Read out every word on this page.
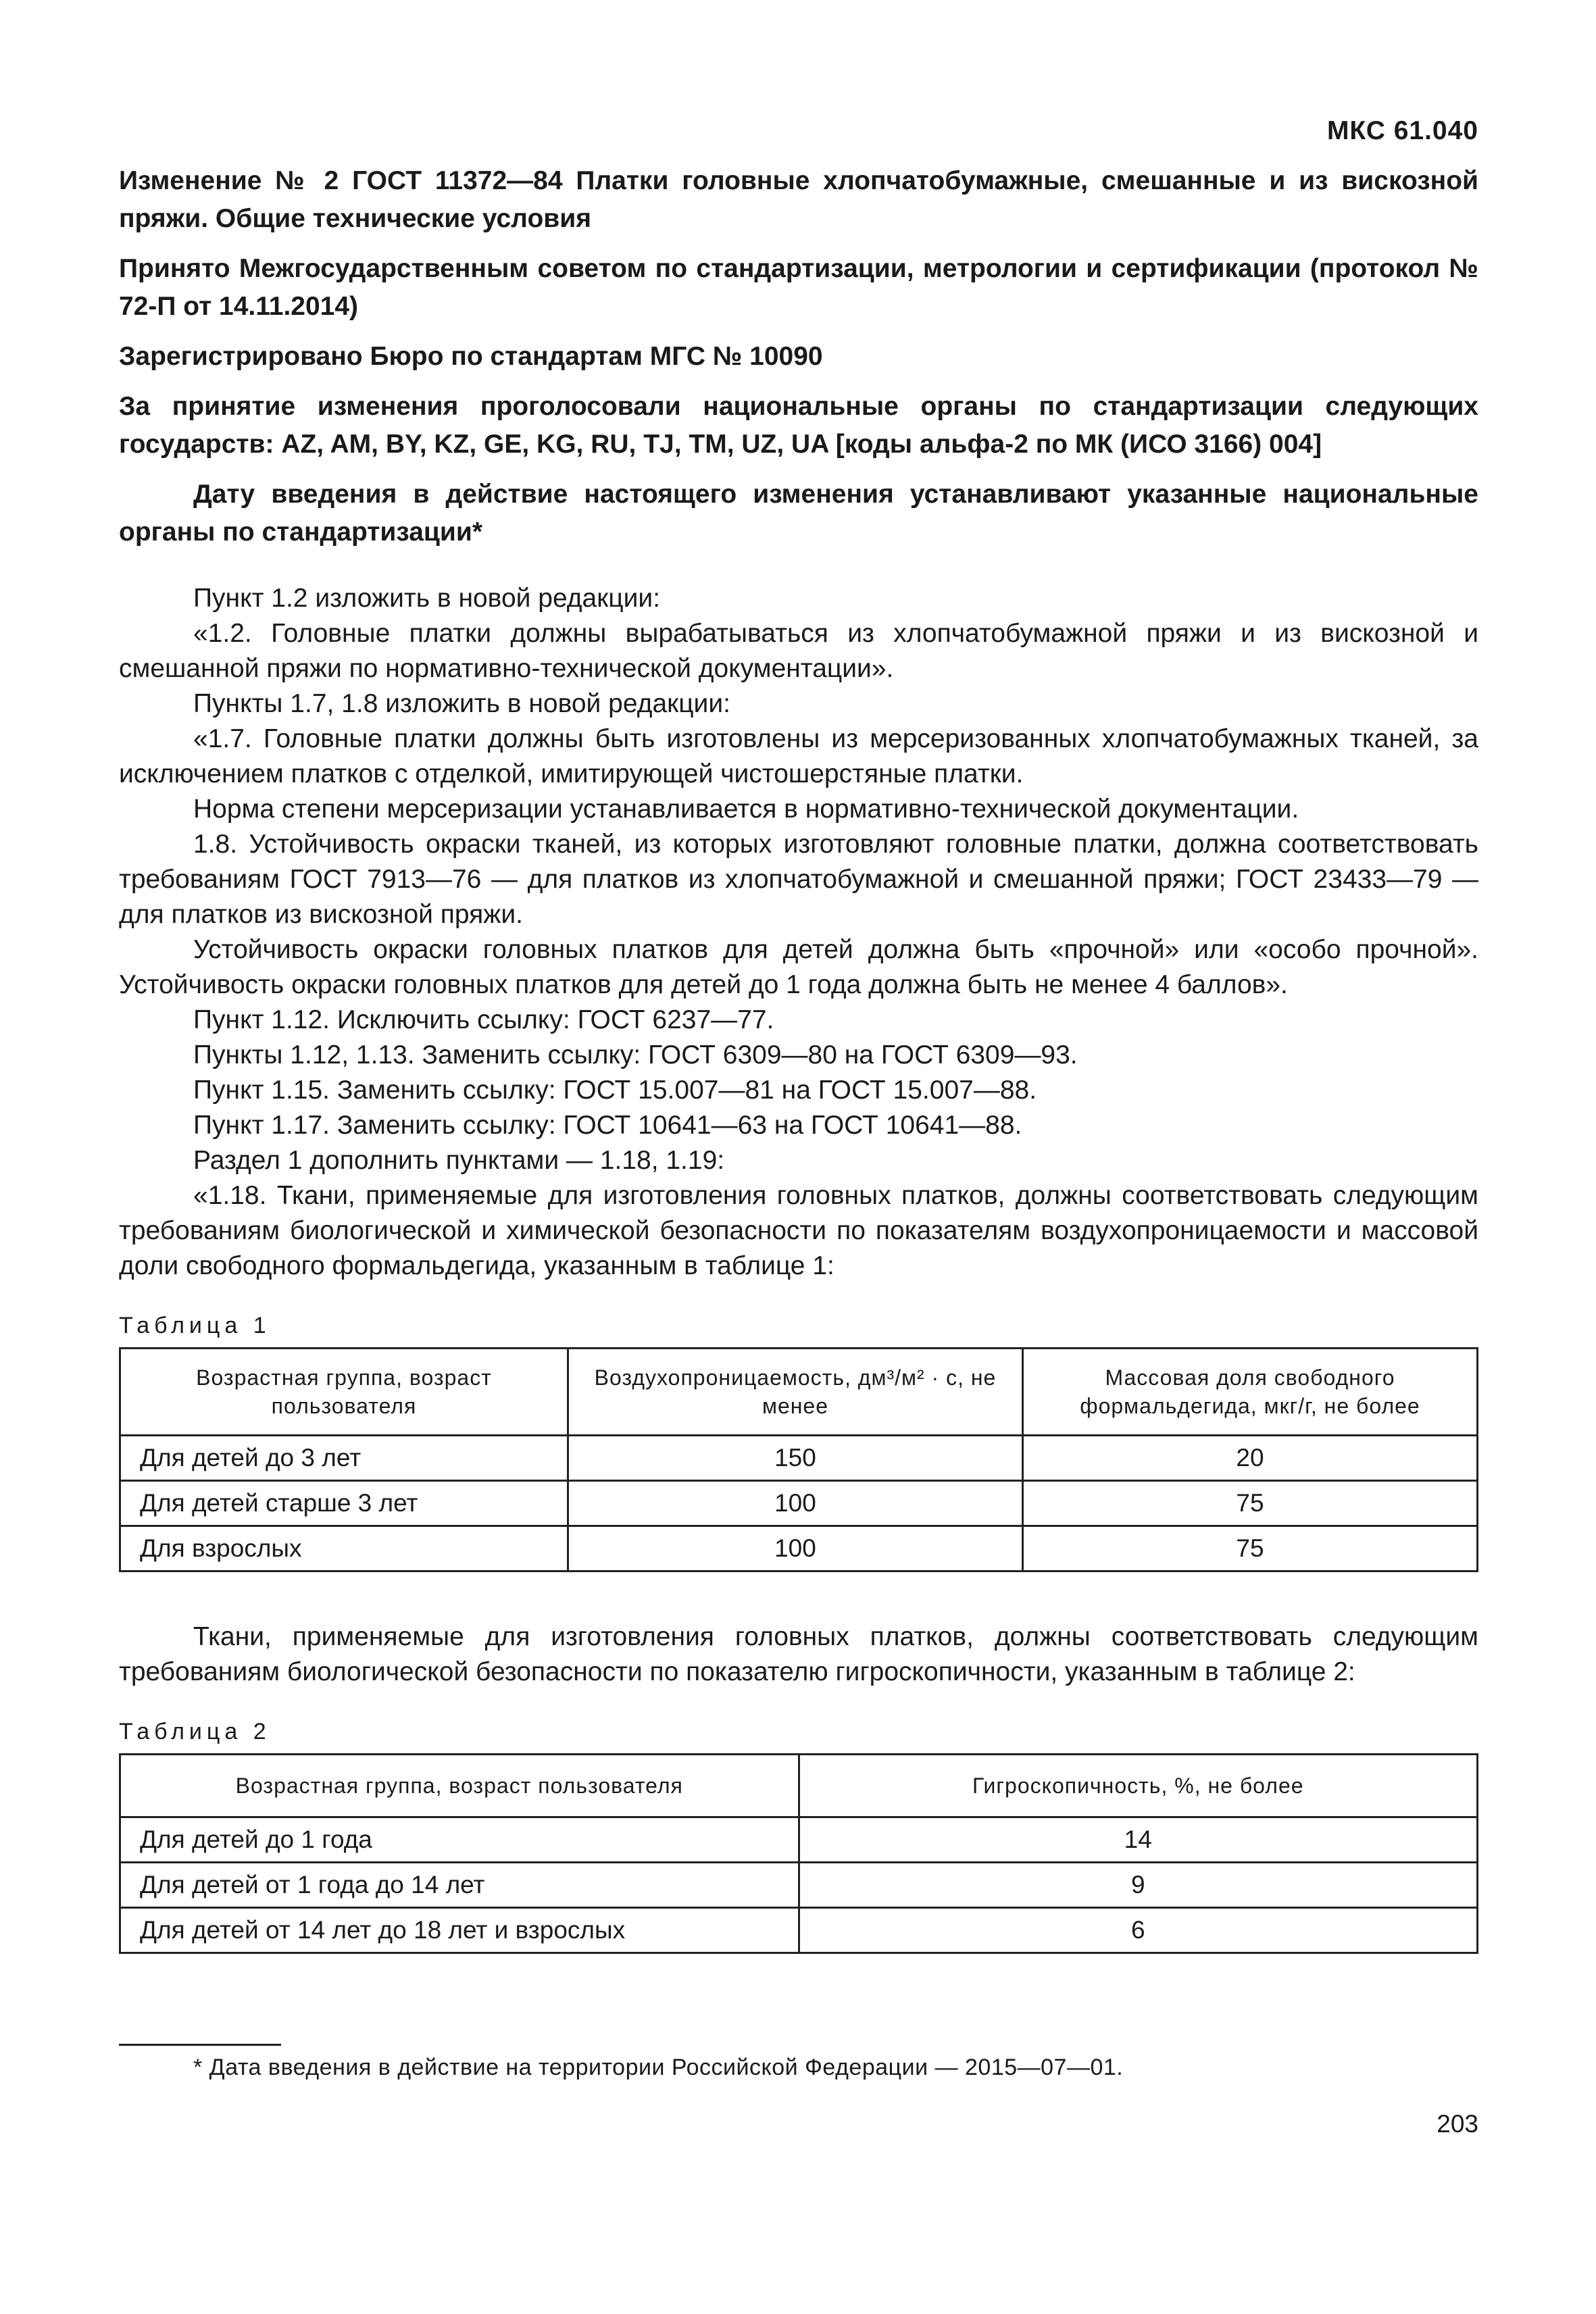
МКС 61.040

Изменение № 2 ГОСТ 11372—84 Платки головные хлопчатобумажные, смешанные и из вискозной пряжи. Общие технические условия

Принято Межгосударственным советом по стандартизации, метрологии и сертификации (протокол № 72-П от 14.11.2014)

Зарегистрировано Бюро по стандартам МГС № 10090

За принятие изменения проголосовали национальные органы по стандартизации следующих государств: AZ, AM, BY, KZ, GE, KG, RU, TJ, TM, UZ, UA [коды альфа-2 по МК (ИСО 3166) 004]

Дату введения в действие настоящего изменения устанавливают указанные национальные органы по стандартизации*

Пункт 1.2 изложить в новой редакции:

«1.2. Головные платки должны вырабатываться из хлопчатобумажной пряжи и из вискозной и смешанной пряжи по нормативно-технической документации».

Пункты 1.7, 1.8 изложить в новой редакции:

«1.7. Головные платки должны быть изготовлены из мерсеризованных хлопчатобумажных тканей, за исключением платков с отделкой, имитирующей чистошерстяные платки.

Норма степени мерсеризации устанавливается в нормативно-технической документации.

1.8. Устойчивость окраски тканей, из которых изготовляют головные платки, должна соответствовать требованиям ГОСТ 7913—76 — для платков из хлопчатобумажной и смешанной пряжи; ГОСТ 23433—79 — для платков из вискозной пряжи.

Устойчивость окраски головных платков для детей должна быть «прочной» или «особо прочной». Устойчивость окраски головных платков для детей до 1 года должна быть не менее 4 баллов».

Пункт 1.12. Исключить ссылку: ГОСТ 6237—77.

Пункты 1.12, 1.13. Заменить ссылку: ГОСТ 6309—80 на ГОСТ 6309—93.

Пункт 1.15. Заменить ссылку: ГОСТ 15.007—81 на ГОСТ 15.007—88.

Пункт 1.17. Заменить ссылку: ГОСТ 10641—63 на ГОСТ 10641—88.

Раздел 1 дополнить пунктами — 1.18, 1.19:

«1.18. Ткани, применяемые для изготовления головных платков, должны соответствовать следующим требованиям биологической и химической безопасности по показателям воздухопроницаемости и массовой доли свободного формальдегида, указанным в таблице 1:

Таблица 1
Возрастная группа, возраст пользователя	Воздухопроницаемость, дм³/м² · с, не менее	Массовая доля свободного формальдегида, мкг/г, не более
Для детей до 3 лет	150	20
Для детей старше 3 лет	100	75
Для взрослых	100	75

Ткани, применяемые для изготовления головных платков, должны соответствовать следующим требованиям биологической безопасности по показателю гигроскопичности, указанным в таблице 2:

Таблица 2
Возрастная группа, возраст пользователя	Гигроскопичность, %, не более
Для детей до 1 года	14
Для детей от 1 года до 14 лет	9
Для детей от 14 лет до 18 лет и взрослых	6
* Дата введения в действие на территории Российской Федерации — 2015—07—01.
203
